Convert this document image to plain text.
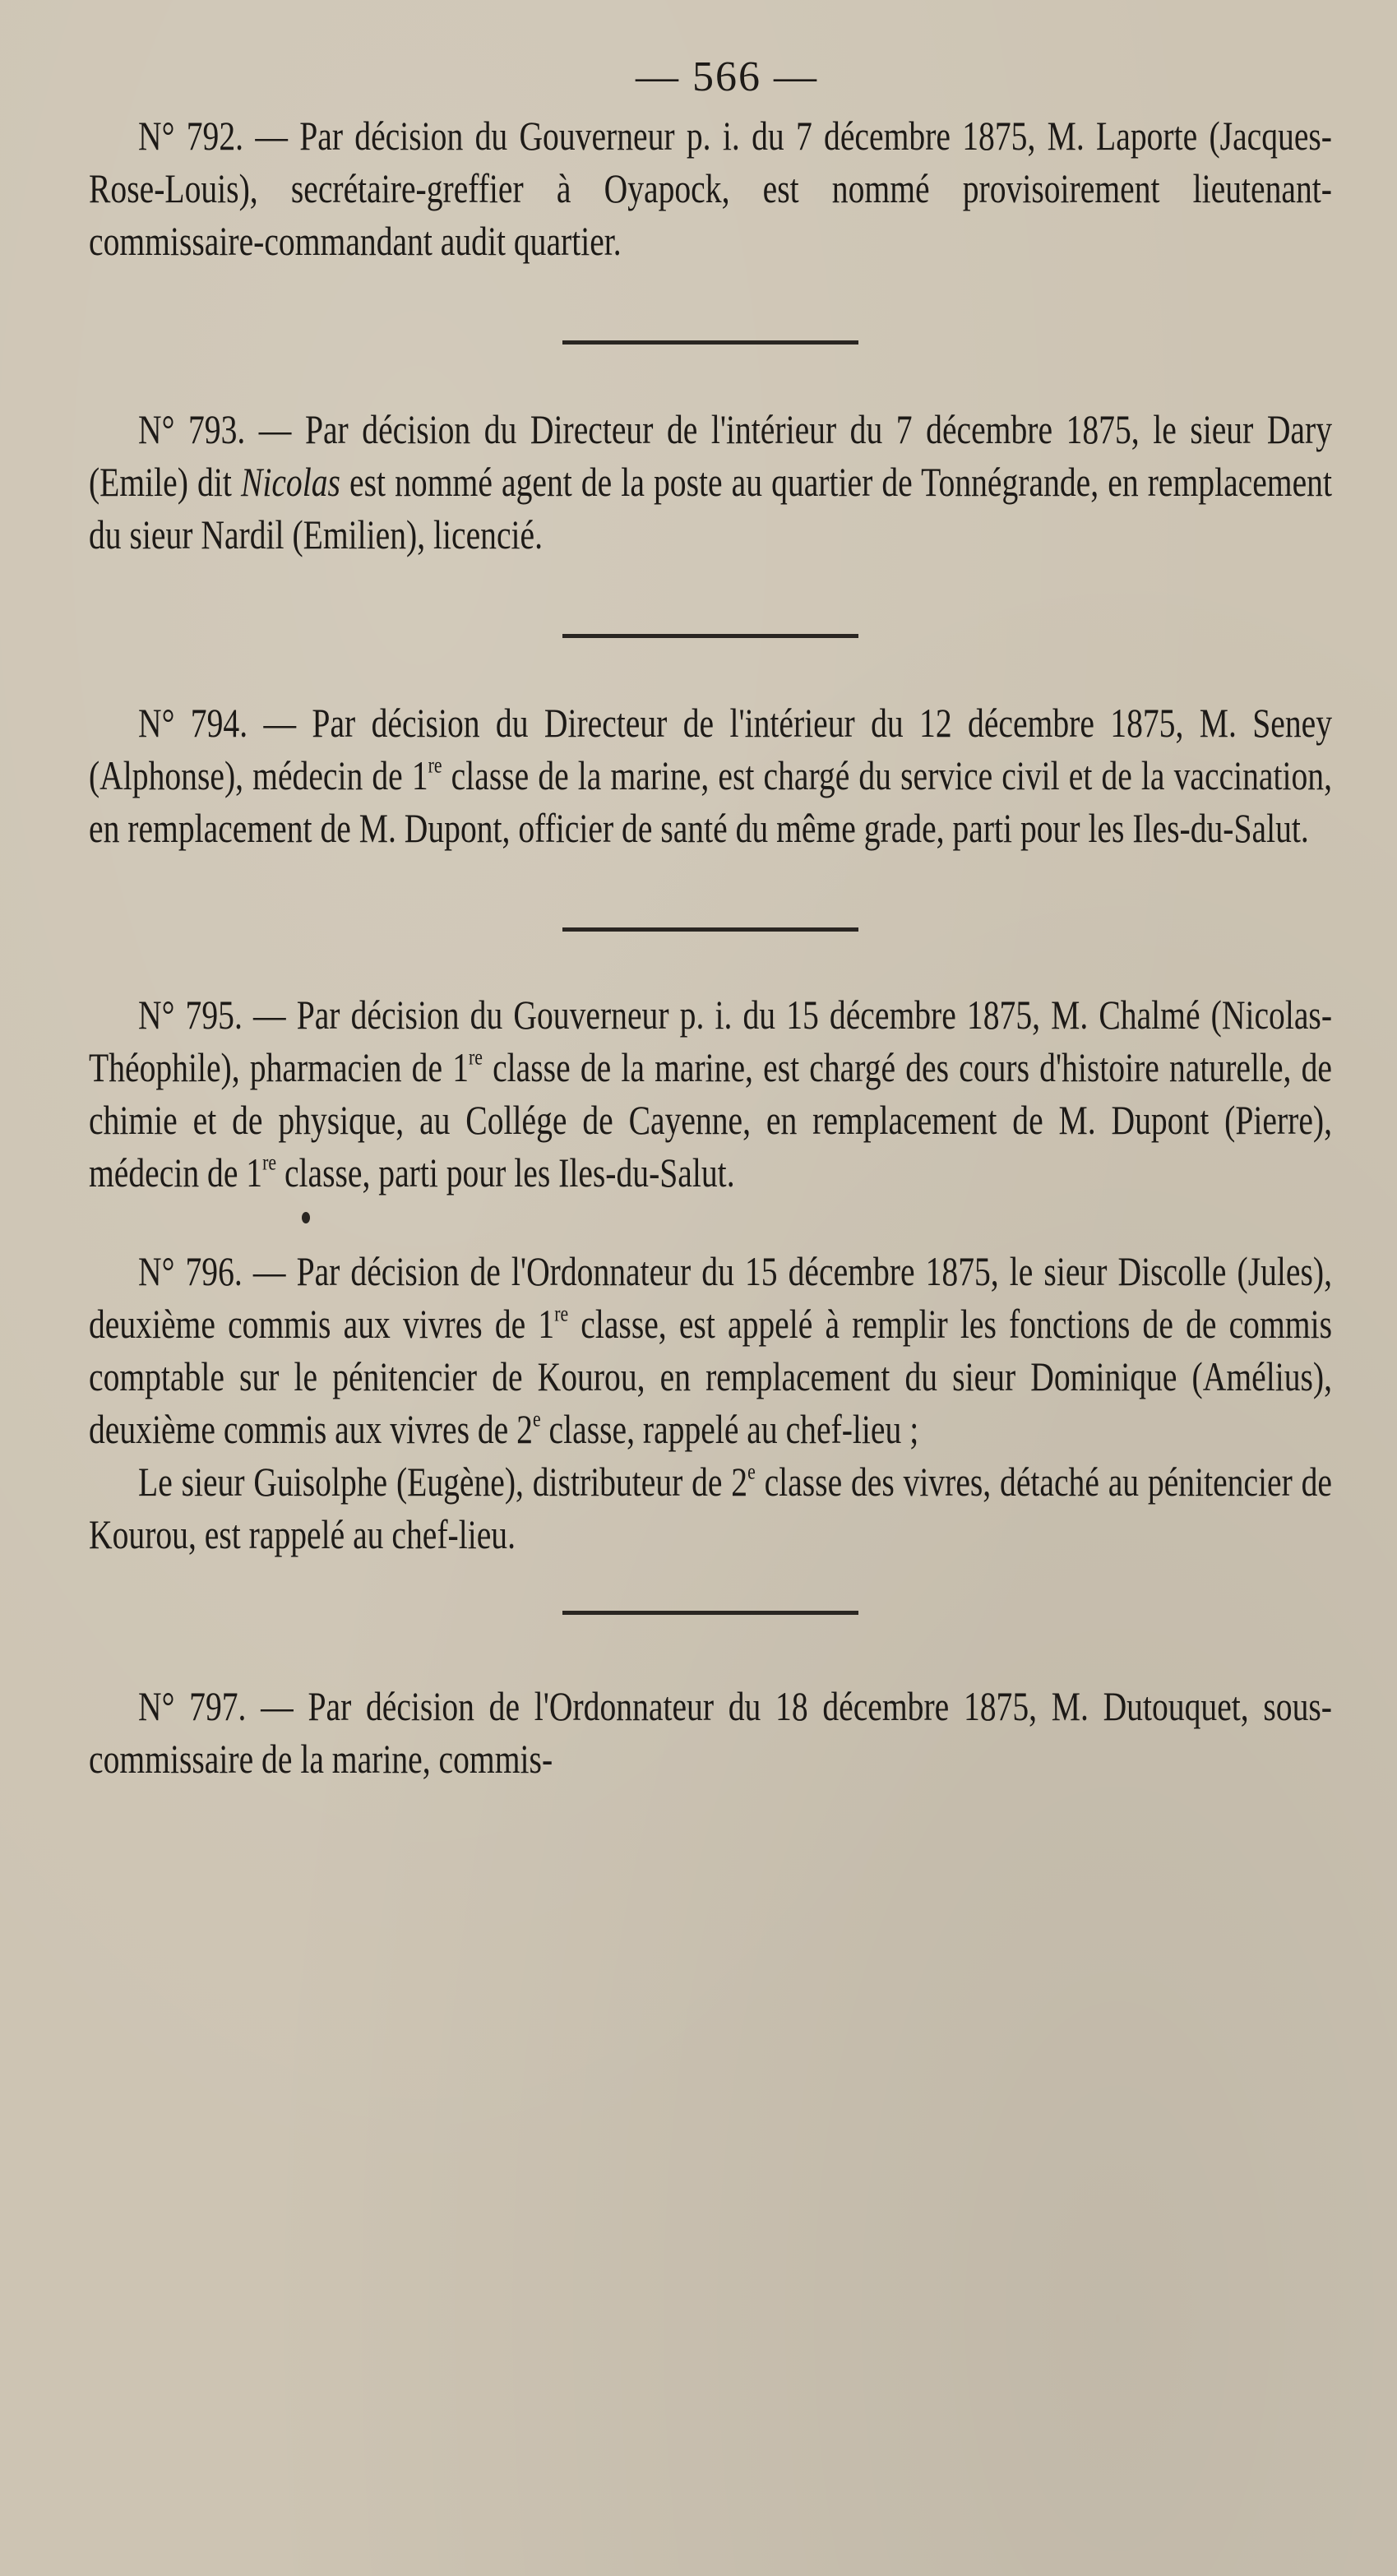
— 566 —

N° 792. — Par décision du Gouverneur p. i. du 7 décembre 1875, M. Laporte (Jacques-Rose-Louis), secrétaire-greffier à Oyapock, est nommé provisoirement lieutenant-commissaire-commandant audit quartier.

N° 793. — Par décision du Directeur de l'intérieur du 7 décembre 1875, le sieur Dary (Emile) dit Nicolas est nommé agent de la poste au quartier de Tonnégrande, en remplacement du sieur Nardil (Emilien), licencié.

N° 794. — Par décision du Directeur de l'intérieur du 12 décembre 1875, M. Seney (Alphonse), médecin de 1re classe de la marine, est chargé du service civil et de la vaccination, en remplacement de M. Dupont, officier de santé du même grade, parti pour les Iles-du-Salut.

N° 795. — Par décision du Gouverneur p. i. du 15 décembre 1875, M. Chalmé (Nicolas-Théophile), pharmacien de 1re classe de la marine, est chargé des cours d'histoire naturelle, de chimie et de physique, au Collége de Cayenne, en remplacement de M. Dupont (Pierre), médecin de 1re classe, parti pour les Iles-du-Salut.

N° 796. — Par décision de l'Ordonnateur du 15 décembre 1875, le sieur Discolle (Jules), deuxième commis aux vivres de 1re classe, est appelé à remplir les fonctions de de commis comptable sur le pénitencier de Kourou, en remplacement du sieur Dominique (Amélius), deuxième commis aux vivres de 2e classe, rappelé au chef-lieu ;

Le sieur Guisolphe (Eugène), distributeur de 2e classe des vivres, détaché au pénitencier de Kourou, est rappelé au chef-lieu.

N° 797. — Par décision de l'Ordonnateur du 18 décembre 1875, M. Dutouquet, sous-commissaire de la marine, commis-
